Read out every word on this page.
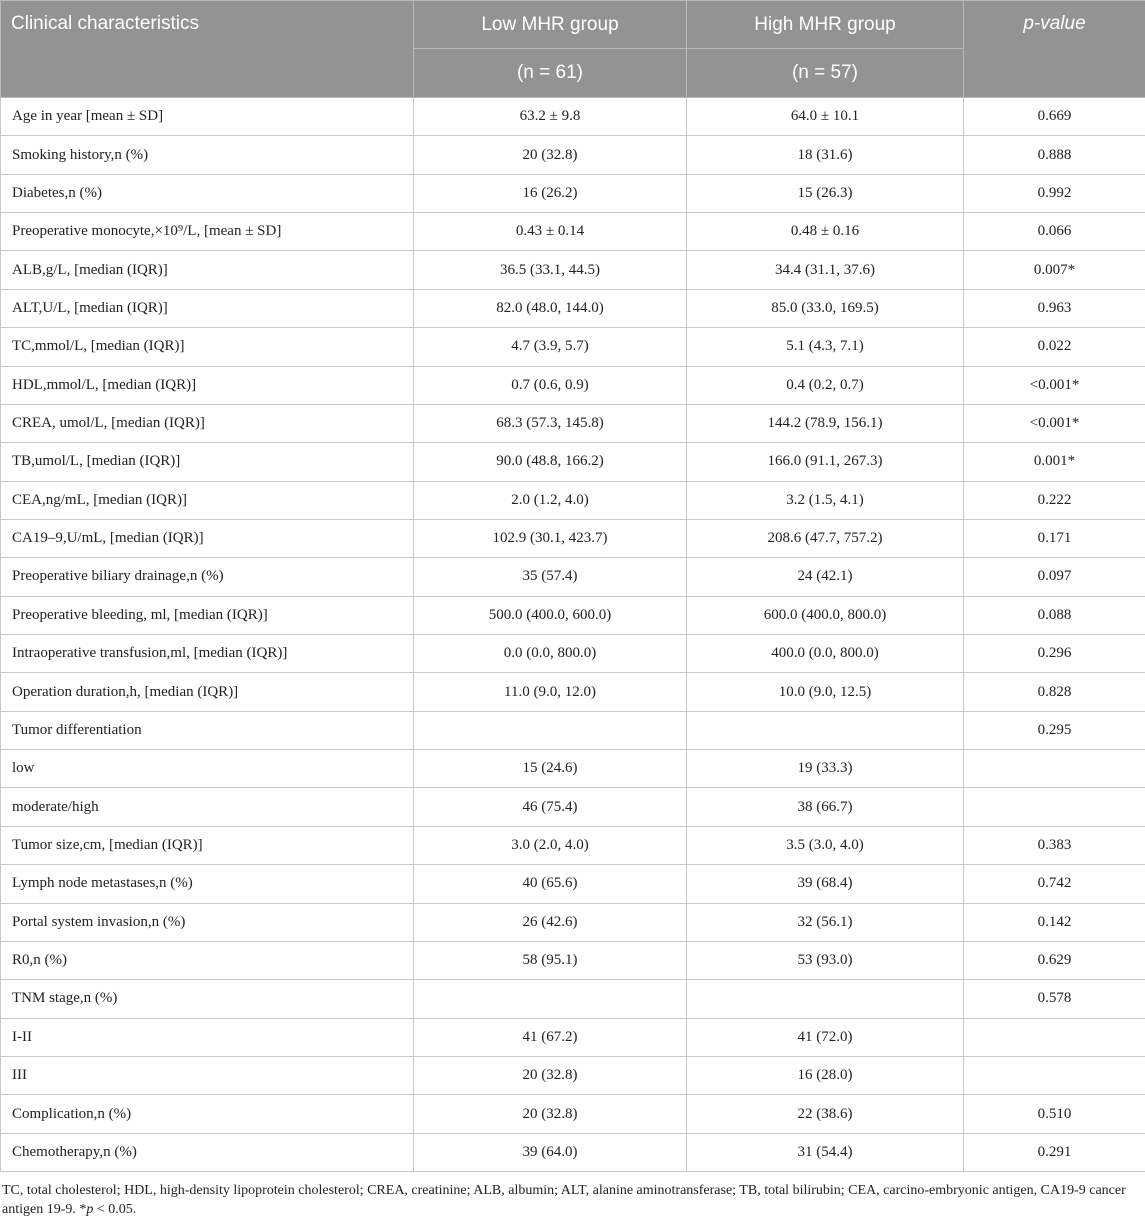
Clinical characteristics	Low MHR group	High MHR group	p-value
	(n = 61)	(n = 57)	
Age in year [mean ± SD]	63.2 ± 9.8	64.0 ± 10.1	0.669
Smoking history,n (%)	20 (32.8)	18 (31.6)	0.888
Diabetes,n (%)	16 (26.2)	15 (26.3)	0.992
Preoperative monocyte,×10⁹/L, [mean ± SD]	0.43 ± 0.14	0.48 ± 0.16	0.066
ALB,g/L, [median (IQR)]	36.5 (33.1, 44.5)	34.4 (31.1, 37.6)	0.007*
ALT,U/L, [median (IQR)]	82.0 (48.0, 144.0)	85.0 (33.0, 169.5)	0.963
TC,mmol/L, [median (IQR)]	4.7 (3.9, 5.7)	5.1 (4.3, 7.1)	0.022
HDL,mmol/L, [median (IQR)]	0.7 (0.6, 0.9)	0.4 (0.2, 0.7)	<0.001*
CREA, umol/L, [median (IQR)]	68.3 (57.3, 145.8)	144.2 (78.9, 156.1)	<0.001*
TB,umol/L, [median (IQR)]	90.0 (48.8, 166.2)	166.0 (91.1, 267.3)	0.001*
CEA,ng/mL, [median (IQR)]	2.0 (1.2, 4.0)	3.2 (1.5, 4.1)	0.222
CA19–9,U/mL, [median (IQR)]	102.9 (30.1, 423.7)	208.6 (47.7, 757.2)	0.171
Preoperative biliary drainage,n (%)	35 (57.4)	24 (42.1)	0.097
Preoperative bleeding, ml, [median (IQR)]	500.0 (400.0, 600.0)	600.0 (400.0, 800.0)	0.088
Intraoperative transfusion,ml, [median (IQR)]	0.0 (0.0, 800.0)	400.0 (0.0, 800.0)	0.296
Operation duration,h, [median (IQR)]	11.0 (9.0, 12.0)	10.0 (9.0, 12.5)	0.828
Tumor differentiation			0.295
low	15 (24.6)	19 (33.3)	
moderate/high	46 (75.4)	38 (66.7)	
Tumor size,cm, [median (IQR)]	3.0 (2.0, 4.0)	3.5 (3.0, 4.0)	0.383
Lymph node metastases,n (%)	40 (65.6)	39 (68.4)	0.742
Portal system invasion,n (%)	26 (42.6)	32 (56.1)	0.142
R0,n (%)	58 (95.1)	53 (93.0)	0.629
TNM stage,n (%)			0.578
I-II	41 (67.2)	41 (72.0)	
III	20 (32.8)	16 (28.0)	
Complication,n (%)	20 (32.8)	22 (38.6)	0.510
Chemotherapy,n (%)	39 (64.0)	31 (54.4)	0.291
TC, total cholesterol; HDL, high-density lipoprotein cholesterol; CREA, creatinine; ALB, albumin; ALT, alanine aminotransferase; TB, total bilirubin; CEA, carcino-embryonic antigen, CA19-9 cancer antigen 19-9. *p < 0.05.
